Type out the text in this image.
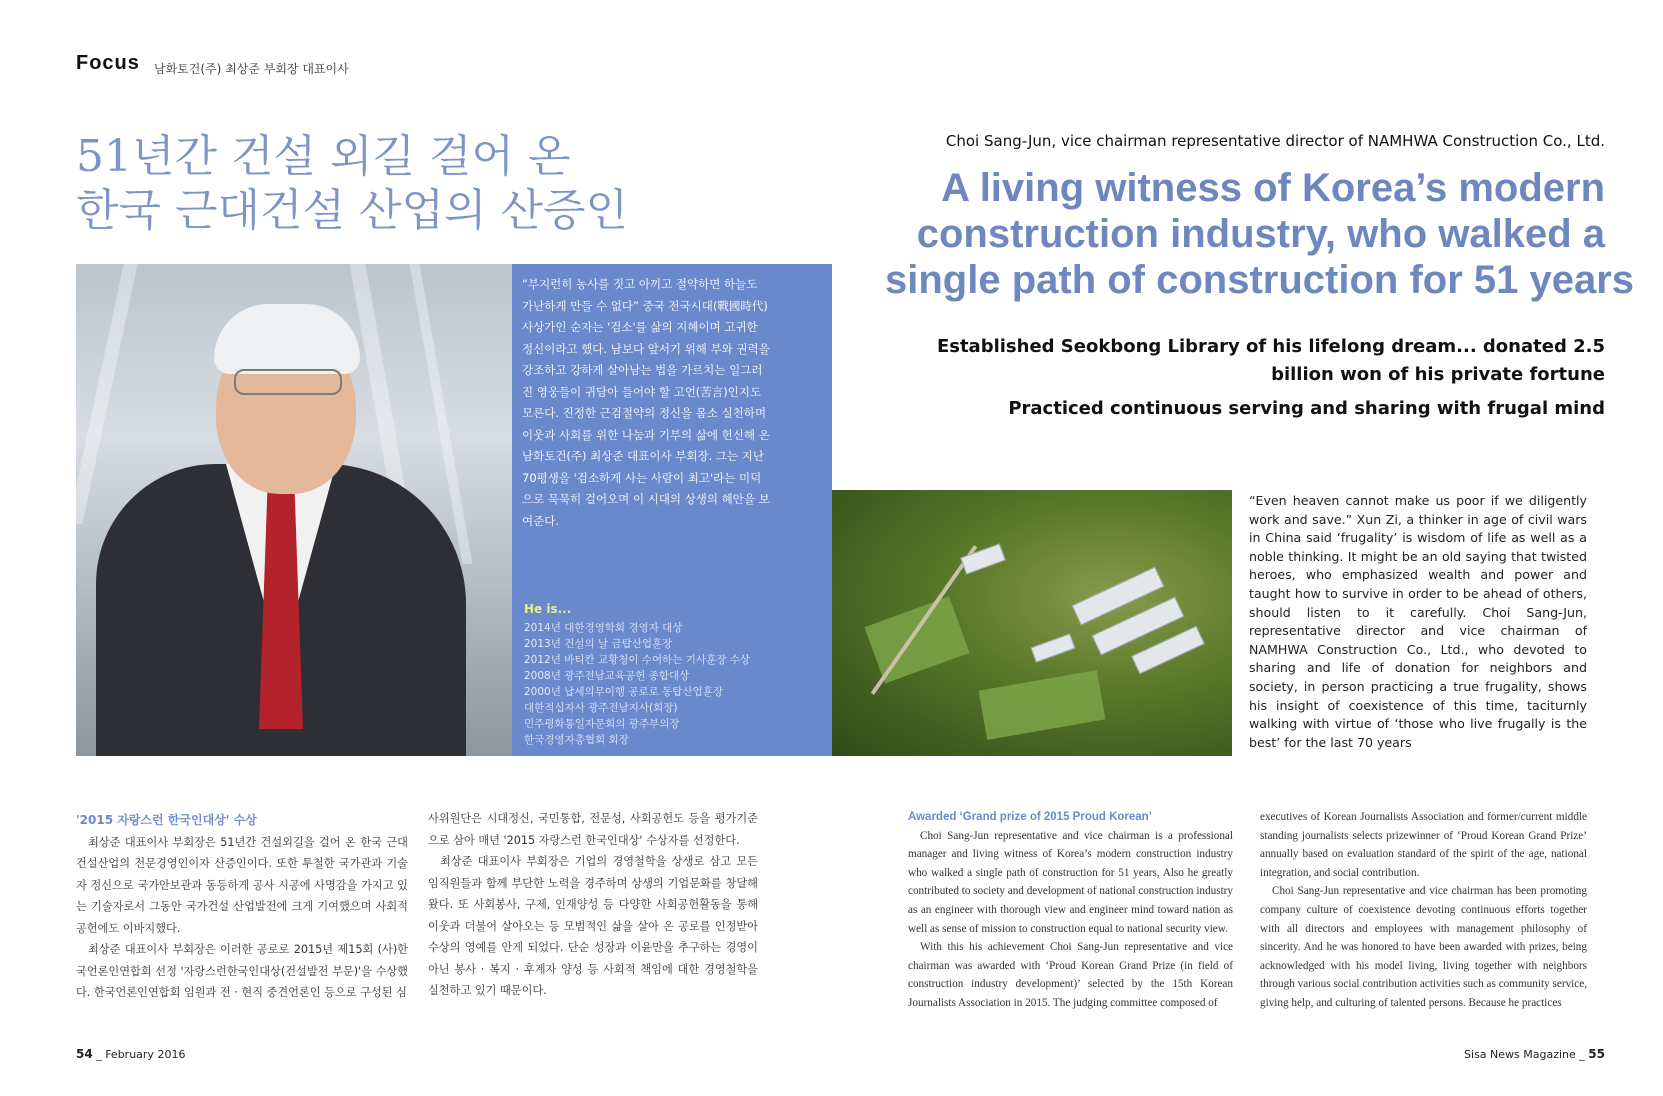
Focus 남화토건(주) 최상준 부회장 대표이사
51년간 건설 외길 걸어 온
한국 근대건설 산업의 산증인
Choi Sang-Jun, vice chairman representative director of NAMHWA Construction Co., Ltd.
A living witness of Korea’s modern
construction industry, who walked a
single path of construction for 51 years
Established Seokbong Library of his lifelong dream... donated 2.5 billion won of his private fortune
Practiced continuous serving and sharing with frugal mind
“부지런히 농사를 짓고 아끼고 절약하면 하늘도 가난하게 만들 수 없다” 중국 전국시대(戰國時代) 사상가인 순자는 '검소'를 삶의 지혜이며 고귀한 정신이라고 했다. 남보다 앞서기 위해 부와 권력을 강조하고 강하게 살아남는 법을 가르치는 일그러진 영웅들이 귀담아 들어야 할 고언(苦言)인지도 모른다. 진정한 근검절약의 정신을 몸소 실천하며 이웃과 사회를 위한 나눔과 기부의 삶에 헌신해 온 남화토건(주) 최상준 대표이사 부회장. 그는 지난 70평생을 '검소하게 사는 사람이 최고'라는 미덕으로 묵묵히 걸어오며 이 시대의 상생의 혜안을 보여준다.
He is...
2014년 대한경영학회 경영자 대상
2013년 건설의 날 금탑산업훈장
2012년 바티칸 교황청이 수여하는 기사훈장 수상
2008년 광주전남교육공헌 종합대상
2000년 납세의무이행 공로로 동탑산업훈장
대한적십자사 광주전남지사(회장)
민주평화통일자문회의 광주부의장
한국경영자총협회 회장
“Even heaven cannot make us poor if we diligently work and save.” Xun Zi, a thinker in age of civil wars in China said ‘frugality’ is wisdom of life as well as a noble thinking. It might be an old saying that twisted heroes, who emphasized wealth and power and taught how to survive in order to be ahead of others, should listen to it carefully. Choi Sang-Jun, representative director and vice chairman of NAMHWA Construction Co., Ltd., who devoted to sharing and life of donation for neighbors and society, in person practicing a true frugality, shows his insight of coexistence of this time, taciturnly walking with virtue of ‘those who live frugally is the best’ for the last 70 years

'2015 자랑스런 한국인대상' 수상

최상준 대표이사 부회장은 51년간 건설외길을 걸어 온 한국 근대건설산업의 전문경영인이자 산증인이다. 또한 투철한 국가관과 기술자 정신으로 국가안보관과 동등하게 공사 시공에 사명감을 가지고 있는 기술자로서 그동안 국가건설 산업발전에 크게 기여했으며 사회적 공헌에도 이바지했다.

최상준 대표이사 부회장은 이러한 공로로 2015년 제15회 (사)한국언론인연합회 선정 '자랑스런한국인대상(건설발전 부문)'을 수상했다. 한국언론인연합회 임원과 전 · 현직 중견언론인 등으로 구성된 심

사위원단은 시대정신, 국민통합, 전문성, 사회공헌도 등을 평가기준으로 삼아 매년 '2015 자랑스런 한국인대상' 수상자를 선정한다.

최상준 대표이사 부회장은 기업의 경영철학을 상생로 삼고 모든 임직원들과 함께 부단한 노력을 경주하며 상생의 기업문화를 창달해 왔다. 또 사회봉사, 구제, 인재양성 등 다양한 사회공헌활동을 통해 이웃과 더불어 살아오는 등 모범적인 삶을 살아 온 공로를 인정받아 수상의 영예를 안게 되었다. 단순 성장과 이윤만을 추구하는 경영이 아닌 봉사 · 복지 · 후계자 양성 등 사회적 책임에 대한 경영철학을 실천하고 있기 때문이다.

Awarded ‘Grand prize of 2015 Proud Korean’

Choi Sang-Jun representative and vice chairman is a professional manager and living witness of Korea’s modern construction industry who walked a single path of construction for 51 years, Also he greatly contributed to society and development of national construction industry as an engineer with thorough view and engineer mind toward nation as well as sense of mission to construction equal to national security view.

With this his achievement Choi Sang-Jun representative and vice chairman was awarded with ‘Proud Korean Grand Prize (in field of construction industry development)’ selected by the 15th Korean Journalists Association in 2015. The judging committee composed of

executives of Korean Journalists Association and former/current middle standing journalists selects prizewinner of ‘Proud Korean Grand Prize’ annually based on evaluation standard of the spirit of the age, national integration, and social contribution.

Choi Sang-Jun representative and vice chairman has been promoting company culture of coexistence devoting continuous efforts together with all directors and employees with management philosophy of sincerity. And he was honored to have been awarded with prizes, being acknowledged with his model living, living together with neighbors through various social contribution activities such as community service, giving help, and culturing of talented persons. Because he practices

54 _ February 2016	Sisa News Magazine _ 55
